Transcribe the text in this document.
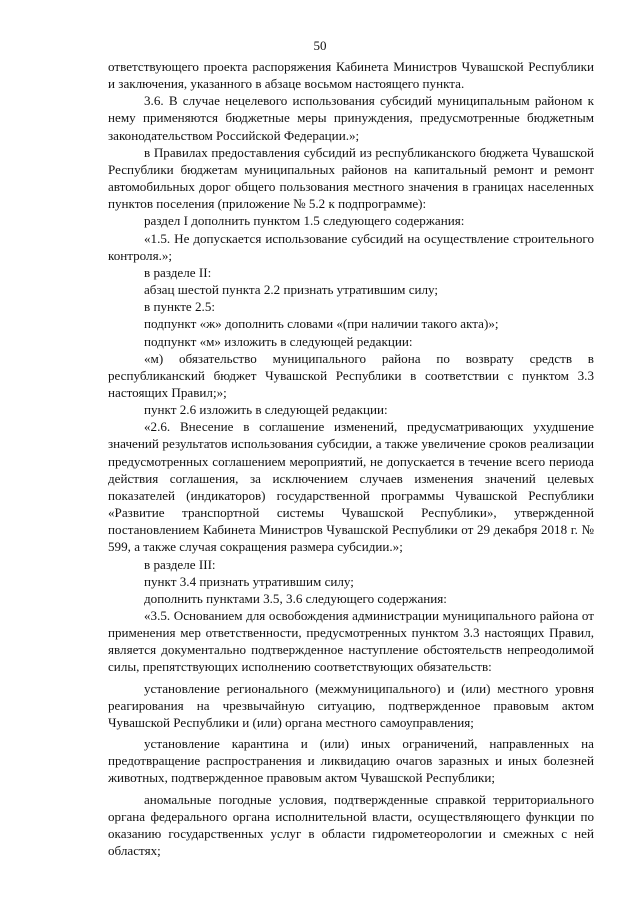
50

ответствующего проекта распоряжения Кабинета Министров Чувашской Республики и заключения, указанного в абзаце восьмом настоящего пункта.

3.6. В случае нецелевого использования субсидий муниципальным районом к нему применяются бюджетные меры принуждения, предусмотренные бюджетным законодательством Российской Федерации.»;

в Правилах предоставления субсидий из республиканского бюджета Чувашской Республики бюджетам муниципальных районов на капитальный ремонт и ремонт автомобильных дорог общего пользования местного значения в границах населенных пунктов поселения (приложение № 5.2 к подпрограмме):

раздел I дополнить пунктом 1.5 следующего содержания:

«1.5. Не допускается использование субсидий на осуществление строительного контроля.»;

в разделе II:

абзац шестой пункта 2.2 признать утратившим силу;

в пункте 2.5:

подпункт «ж» дополнить словами «(при наличии такого акта)»;

подпункт «м» изложить в следующей редакции:

«м) обязательство муниципального района по возврату средств в республиканский бюджет Чувашской Республики в соответствии с пунктом 3.3 настоящих Правил;»;

пункт 2.6 изложить в следующей редакции:

«2.6. Внесение в соглашение изменений, предусматривающих ухудшение значений результатов использования субсидии, а также увеличение сроков реализации предусмотренных соглашением мероприятий, не допускается в течение всего периода действия соглашения, за исключением случаев изменения значений целевых показателей (индикаторов) государственной программы Чувашской Республики «Развитие транспортной системы Чувашской Республики», утвержденной постановлением Кабинета Министров Чувашской Республики от 29 декабря 2018 г. № 599, а также случая сокращения размера субсидии.»;

в разделе III:

пункт 3.4 признать утратившим силу;

дополнить пунктами 3.5, 3.6 следующего содержания:

«3.5. Основанием для освобождения администрации муниципального района от применения мер ответственности, предусмотренных пунктом 3.3 настоящих Правил, является документально подтвержденное наступление обстоятельств непреодолимой силы, препятствующих исполнению соответствующих обязательств:

установление регионального (межмуниципального) и (или) местного уровня реагирования на чрезвычайную ситуацию, подтвержденное правовым актом Чувашской Республики и (или) органа местного самоуправления;

установление карантина и (или) иных ограничений, направленных на предотвращение распространения и ликвидацию очагов заразных и иных болезней животных, подтвержденное правовым актом Чувашской Республики;

аномальные погодные условия, подтвержденные справкой территориального органа федерального органа исполнительной власти, осуществляющего функции по оказанию государственных услуг в области гидрометеорологии и смежных с ней областях;
